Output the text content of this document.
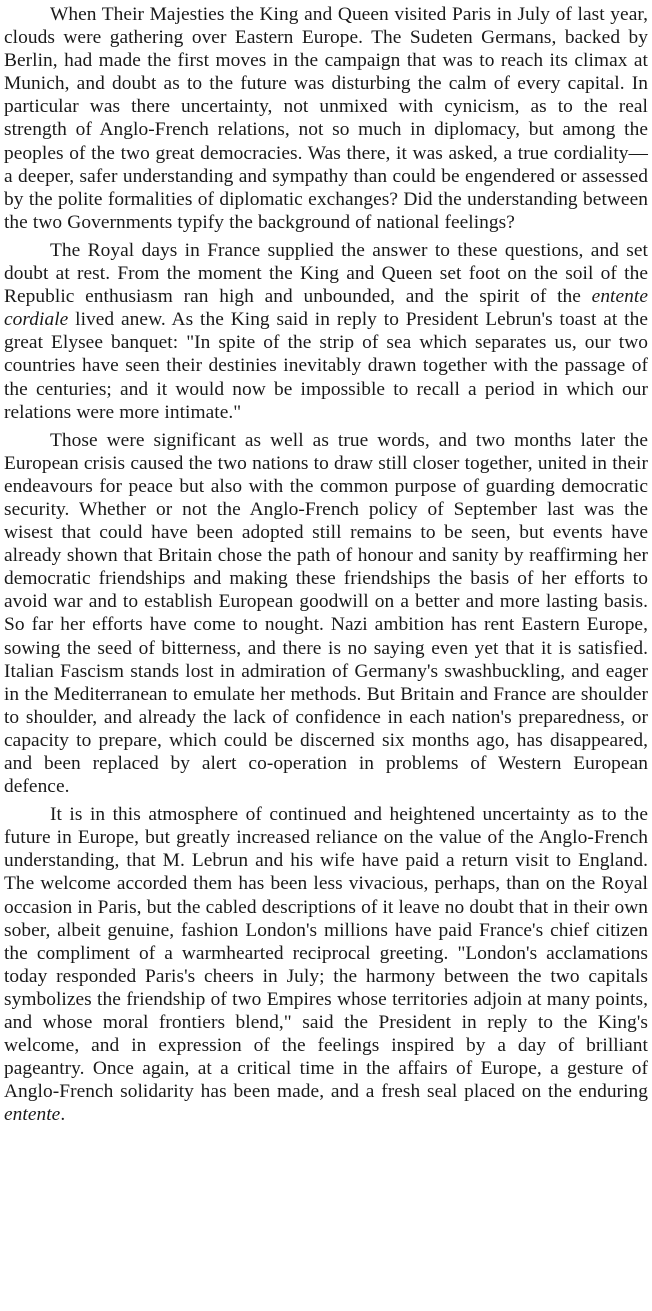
When Their Majesties the King and Queen visited Paris in July of last year, clouds were gathering over Eastern Europe. The Sudeten Germans, backed by Berlin, had made the first moves in the campaign that was to reach its climax at Munich, and doubt as to the future was disturbing the calm of every capital. In particular was there uncertainty, not unmixed with cynicism, as to the real strength of Anglo-French relations, not so much in diplomacy, but among the peoples of the two great democracies. Was there, it was asked, a true cordiality—a deeper, safer understanding and sympathy than could be engendered or assessed by the polite formalities of diplomatic exchanges? Did the understanding between the two Governments typify the background of national feelings?

The Royal days in France supplied the answer to these questions, and set doubt at rest. From the moment the King and Queen set foot on the soil of the Republic enthusiasm ran high and unbounded, and the spirit of the entente cordiale lived anew. As the King said in reply to President Lebrun's toast at the great Elysee banquet: "In spite of the strip of sea which separates us, our two countries have seen their destinies inevitably drawn together with the passage of the centuries; and it would now be impossible to recall a period in which our relations were more intimate."

Those were significant as well as true words, and two months later the European crisis caused the two nations to draw still closer together, united in their endeavours for peace but also with the common purpose of guarding democratic security. Whether or not the Anglo-French policy of September last was the wisest that could have been adopted still remains to be seen, but events have already shown that Britain chose the path of honour and sanity by reaffirming her democratic friendships and making these friendships the basis of her efforts to avoid war and to establish European goodwill on a better and more lasting basis. So far her efforts have come to nought. Nazi ambition has rent Eastern Europe, sowing the seed of bitterness, and there is no saying even yet that it is satisfied. Italian Fascism stands lost in admiration of Germany's swashbuckling, and eager in the Mediterranean to emulate her methods. But Britain and France are shoulder to shoulder, and already the lack of confidence in each nation's preparedness, or capacity to prepare, which could be discerned six months ago, has disappeared, and been replaced by alert co-operation in problems of Western European defence.

It is in this atmosphere of continued and heightened uncertainty as to the future in Europe, but greatly increased reliance on the value of the Anglo-French understanding, that M. Lebrun and his wife have paid a return visit to England. The welcome accorded them has been less vivacious, perhaps, than on the Royal occasion in Paris, but the cabled descriptions of it leave no doubt that in their own sober, albeit genuine, fashion London's millions have paid France's chief citizen the compliment of a warmhearted reciprocal greeting. "London's acclamations today responded Paris's cheers in July; the harmony between the two capitals symbolizes the friendship of two Empires whose territories adjoin at many points, and whose moral frontiers blend," said the President in reply to the King's welcome, and in expression of the feelings inspired by a day of brilliant pageantry. Once again, at a critical time in the affairs of Europe, a gesture of Anglo-French solidarity has been made, and a fresh seal placed on the enduring entente.
